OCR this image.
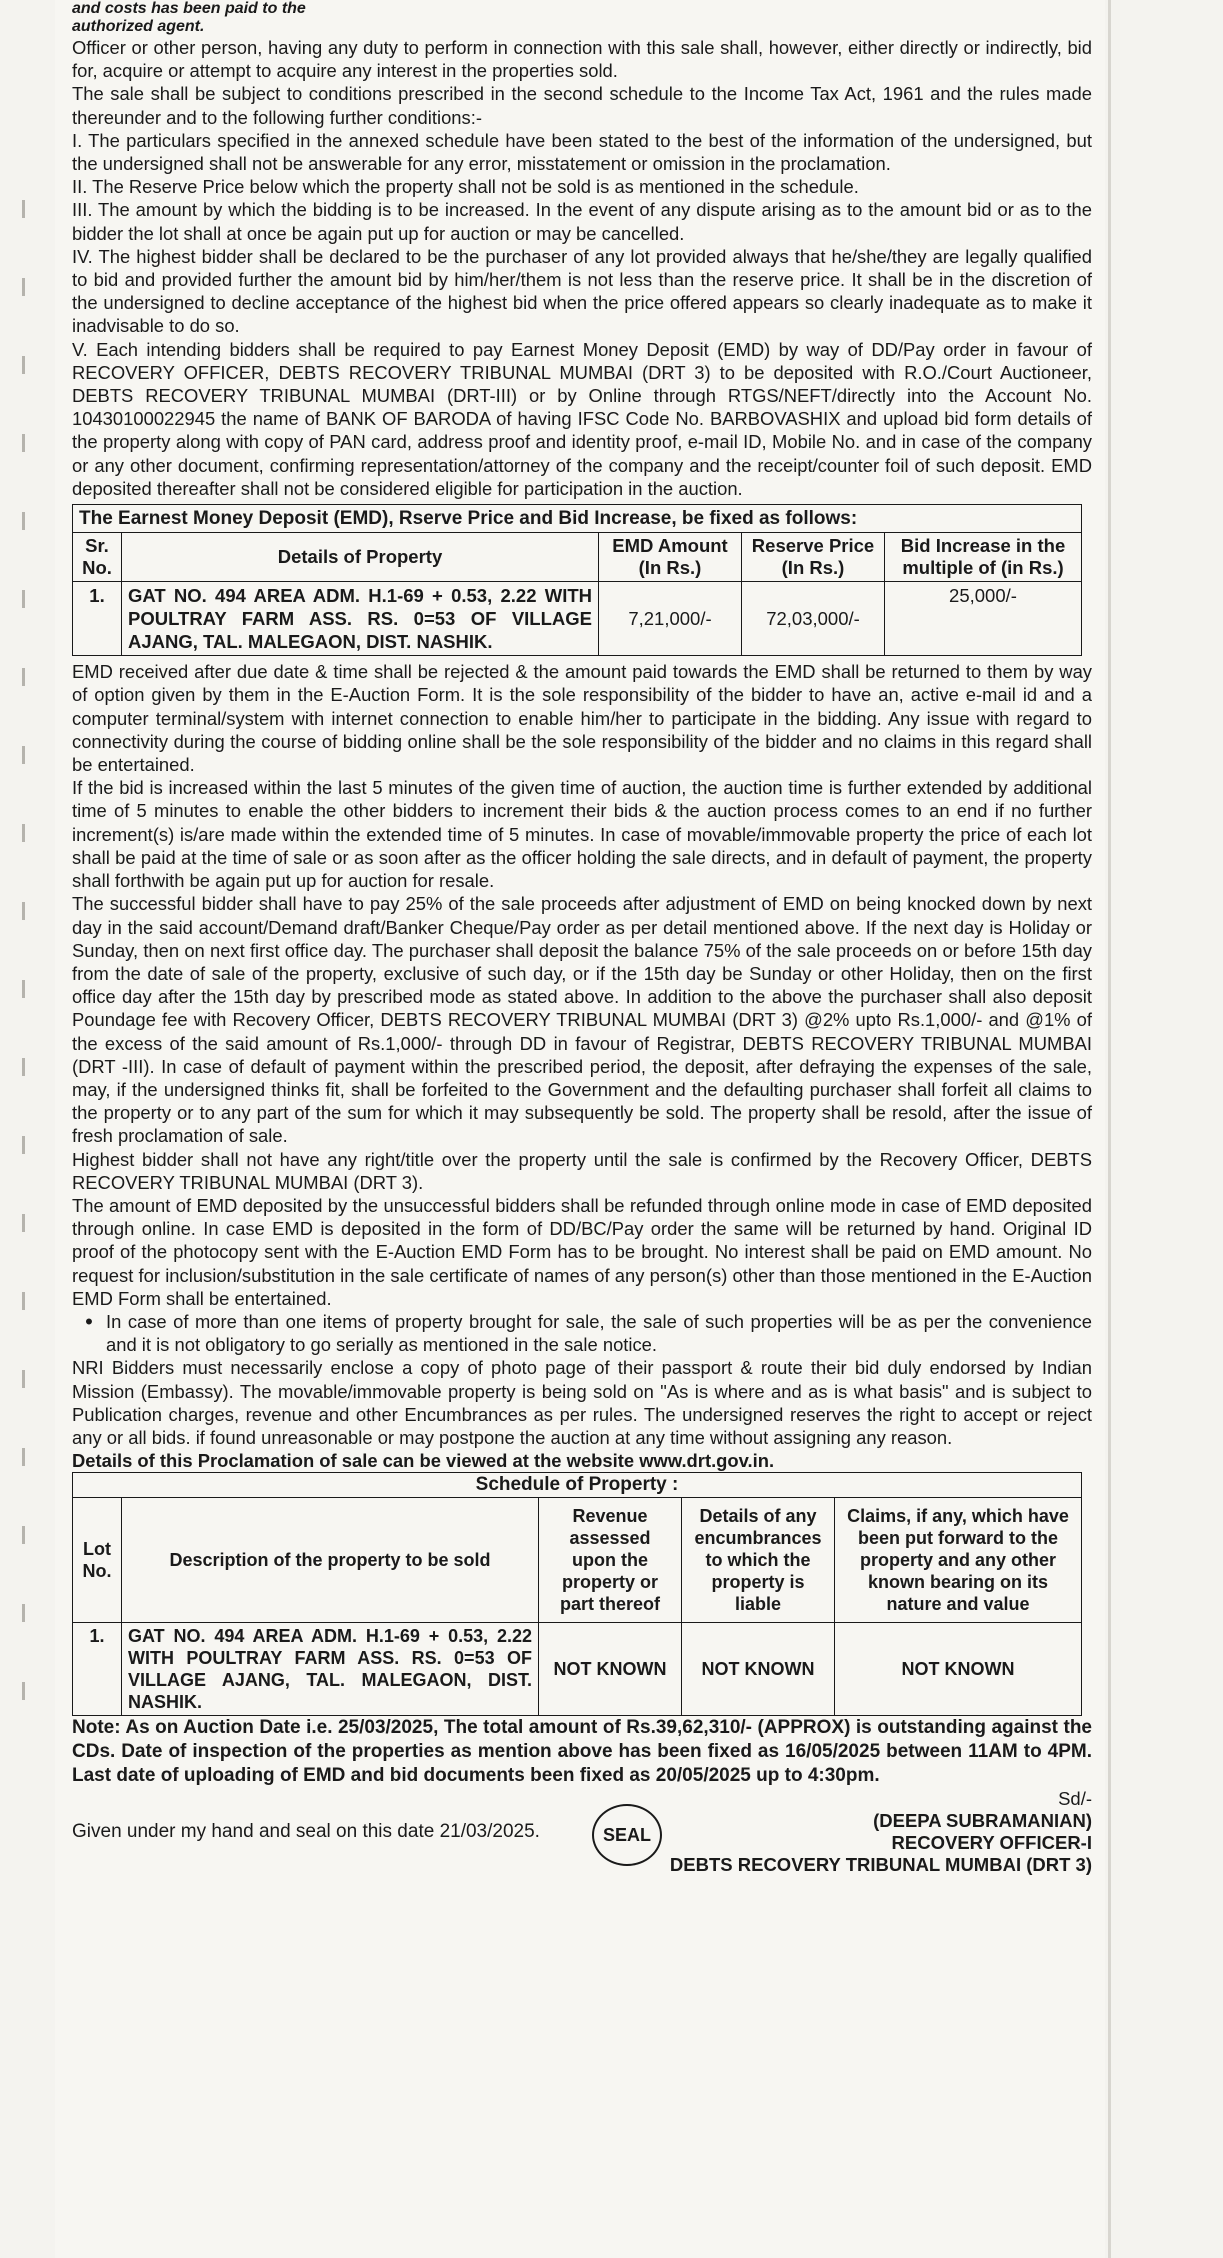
and costs has been paid to the

authorized agent.

Officer or other person, having any duty to perform in connection with this sale shall, however, either directly or indirectly, bid for, acquire or attempt to acquire any interest in the properties sold.

The sale shall be subject to conditions prescribed in the second schedule to the Income Tax Act, 1961 and the rules made thereunder and to the following further conditions:-

I. The particulars specified in the annexed schedule have been stated to the best of the information of the undersigned, but the undersigned shall not be answerable for any error, misstatement or omission in the proclamation.

II. The Reserve Price below which the property shall not be sold is as mentioned in the schedule.

III. The amount by which the bidding is to be increased. In the event of any dispute arising as to the amount bid or as to the bidder the lot shall at once be again put up for auction or may be cancelled.

IV. The highest bidder shall be declared to be the purchaser of any lot provided always that he/she/they are legally qualified to bid and provided further the amount bid by him/her/them is not less than the reserve price. It shall be in the discretion of the undersigned to decline acceptance of the highest bid when the price offered appears so clearly inadequate as to make it inadvisable to do so.

V. Each intending bidders shall be required to pay Earnest Money Deposit (EMD) by way of DD/Pay order in favour of RECOVERY OFFICER, DEBTS RECOVERY TRIBUNAL MUMBAI (DRT 3) to be deposited with R.O./Court Auctioneer, DEBTS RECOVERY TRIBUNAL MUMBAI (DRT-III) or by Online through RTGS/NEFT/directly into the Account No. 10430100022945 the name of BANK OF BARODA of having IFSC Code No. BARBOVASHIX and upload bid form details of the property along with copy of PAN card, address proof and identity proof, e-mail ID, Mobile No. and in case of the company or any other document, confirming representation/attorney of the company and the receipt/counter foil of such deposit. EMD deposited thereafter shall not be considered eligible for participation in the auction.

The Earnest Money Deposit (EMD), Rserve Price and Bid Increase, be fixed as follows:
Sr. No.	Details of Property	EMD Amount (In Rs.)	Reserve Price (In Rs.)	Bid Increase in the multiple of (in Rs.)
1.	GAT NO. 494 AREA ADM. H.1-69 + 0.53, 2.22 WITH POULTRAY FARM ASS. RS. 0=53 OF VILLAGE AJANG, TAL. MALEGAON, DIST. NASHIK.	7,21,000/-	72,03,000/-	25,000/-

EMD received after due date & time shall be rejected & the amount paid towards the EMD shall be returned to them by way of option given by them in the E-Auction Form. It is the sole responsibility of the bidder to have an, active e-mail id and a computer terminal/system with internet connection to enable him/her to participate in the bidding. Any issue with regard to connectivity during the course of bidding online shall be the sole responsibility of the bidder and no claims in this regard shall be entertained.

If the bid is increased within the last 5 minutes of the given time of auction, the auction time is further extended by additional time of 5 minutes to enable the other bidders to increment their bids & the auction process comes to an end if no further increment(s) is/are made within the extended time of 5 minutes. In case of movable/immovable property the price of each lot shall be paid at the time of sale or as soon after as the officer holding the sale directs, and in default of payment, the property shall forthwith be again put up for auction for resale.

The successful bidder shall have to pay 25% of the sale proceeds after adjustment of EMD on being knocked down by next day in the said account/Demand draft/Banker Cheque/Pay order as per detail mentioned above. If the next day is Holiday or Sunday, then on next first office day. The purchaser shall deposit the balance 75% of the sale proceeds on or before 15th day from the date of sale of the property, exclusive of such day, or if the 15th day be Sunday or other Holiday, then on the first office day after the 15th day by prescribed mode as stated above. In addition to the above the purchaser shall also deposit Poundage fee with Recovery Officer, DEBTS RECOVERY TRIBUNAL MUMBAI (DRT 3) @2% upto Rs.1,000/- and @1% of the excess of the said amount of Rs.1,000/- through DD in favour of Registrar, DEBTS RECOVERY TRIBUNAL MUMBAI (DRT -III). In case of default of payment within the prescribed period, the deposit, after defraying the expenses of the sale, may, if the undersigned thinks fit, shall be forfeited to the Government and the defaulting purchaser shall forfeit all claims to the property or to any part of the sum for which it may subsequently be sold. The property shall be resold, after the issue of fresh proclamation of sale.

Highest bidder shall not have any right/title over the property until the sale is confirmed by the Recovery Officer, DEBTS RECOVERY TRIBUNAL MUMBAI (DRT 3).

The amount of EMD deposited by the unsuccessful bidders shall be refunded through online mode in case of EMD deposited through online. In case EMD is deposited in the form of DD/BC/Pay order the same will be returned by hand. Original ID proof of the photocopy sent with the E-Auction EMD Form has to be brought. No interest shall be paid on EMD amount. No request for inclusion/substitution in the sale certificate of names of any person(s) other than those mentioned in the E-Auction EMD Form shall be entertained.

• In case of more than one items of property brought for sale, the sale of such properties will be as per the convenience and it is not obligatory to go serially as mentioned in the sale notice.

NRI Bidders must necessarily enclose a copy of photo page of their passport & route their bid duly endorsed by Indian Mission (Embassy). The movable/immovable property is being sold on "As is where and as is what basis" and is subject to Publication charges, revenue and other Encumbrances as per rules. The undersigned reserves the right to accept or reject any or all bids. if found unreasonable or may postpone the auction at any time without assigning any reason.

Details of this Proclamation of sale can be viewed at the website www.drt.gov.in.

Schedule of Property :
Lot No.	Description of the property to be sold	Revenue assessed upon the property or part thereof	Details of any encumbrances to which the property is liable	Claims, if any, which have been put forward to the property and any other known bearing on its nature and value
1.	GAT NO. 494 AREA ADM. H.1-69 + 0.53, 2.22 WITH POULTRAY FARM ASS. RS. 0=53 OF VILLAGE AJANG, TAL. MALEGAON, DIST. NASHIK.	NOT KNOWN	NOT KNOWN	NOT KNOWN

Note: As on Auction Date i.e. 25/03/2025, The total amount of Rs.39,62,310/- (APPROX) is outstanding against the CDs. Date of inspection of the properties as mention above has been fixed as 16/05/2025 between 11AM to 4PM. Last date of uploading of EMD and bid documents been fixed as 20/05/2025 up to 4:30pm.

Given under my hand and seal on this date 21/03/2025.	SEAL
Sd/-
(DEEPA SUBRAMANIAN)
RECOVERY OFFICER-I
DEBTS RECOVERY TRIBUNAL MUMBAI (DRT 3)
